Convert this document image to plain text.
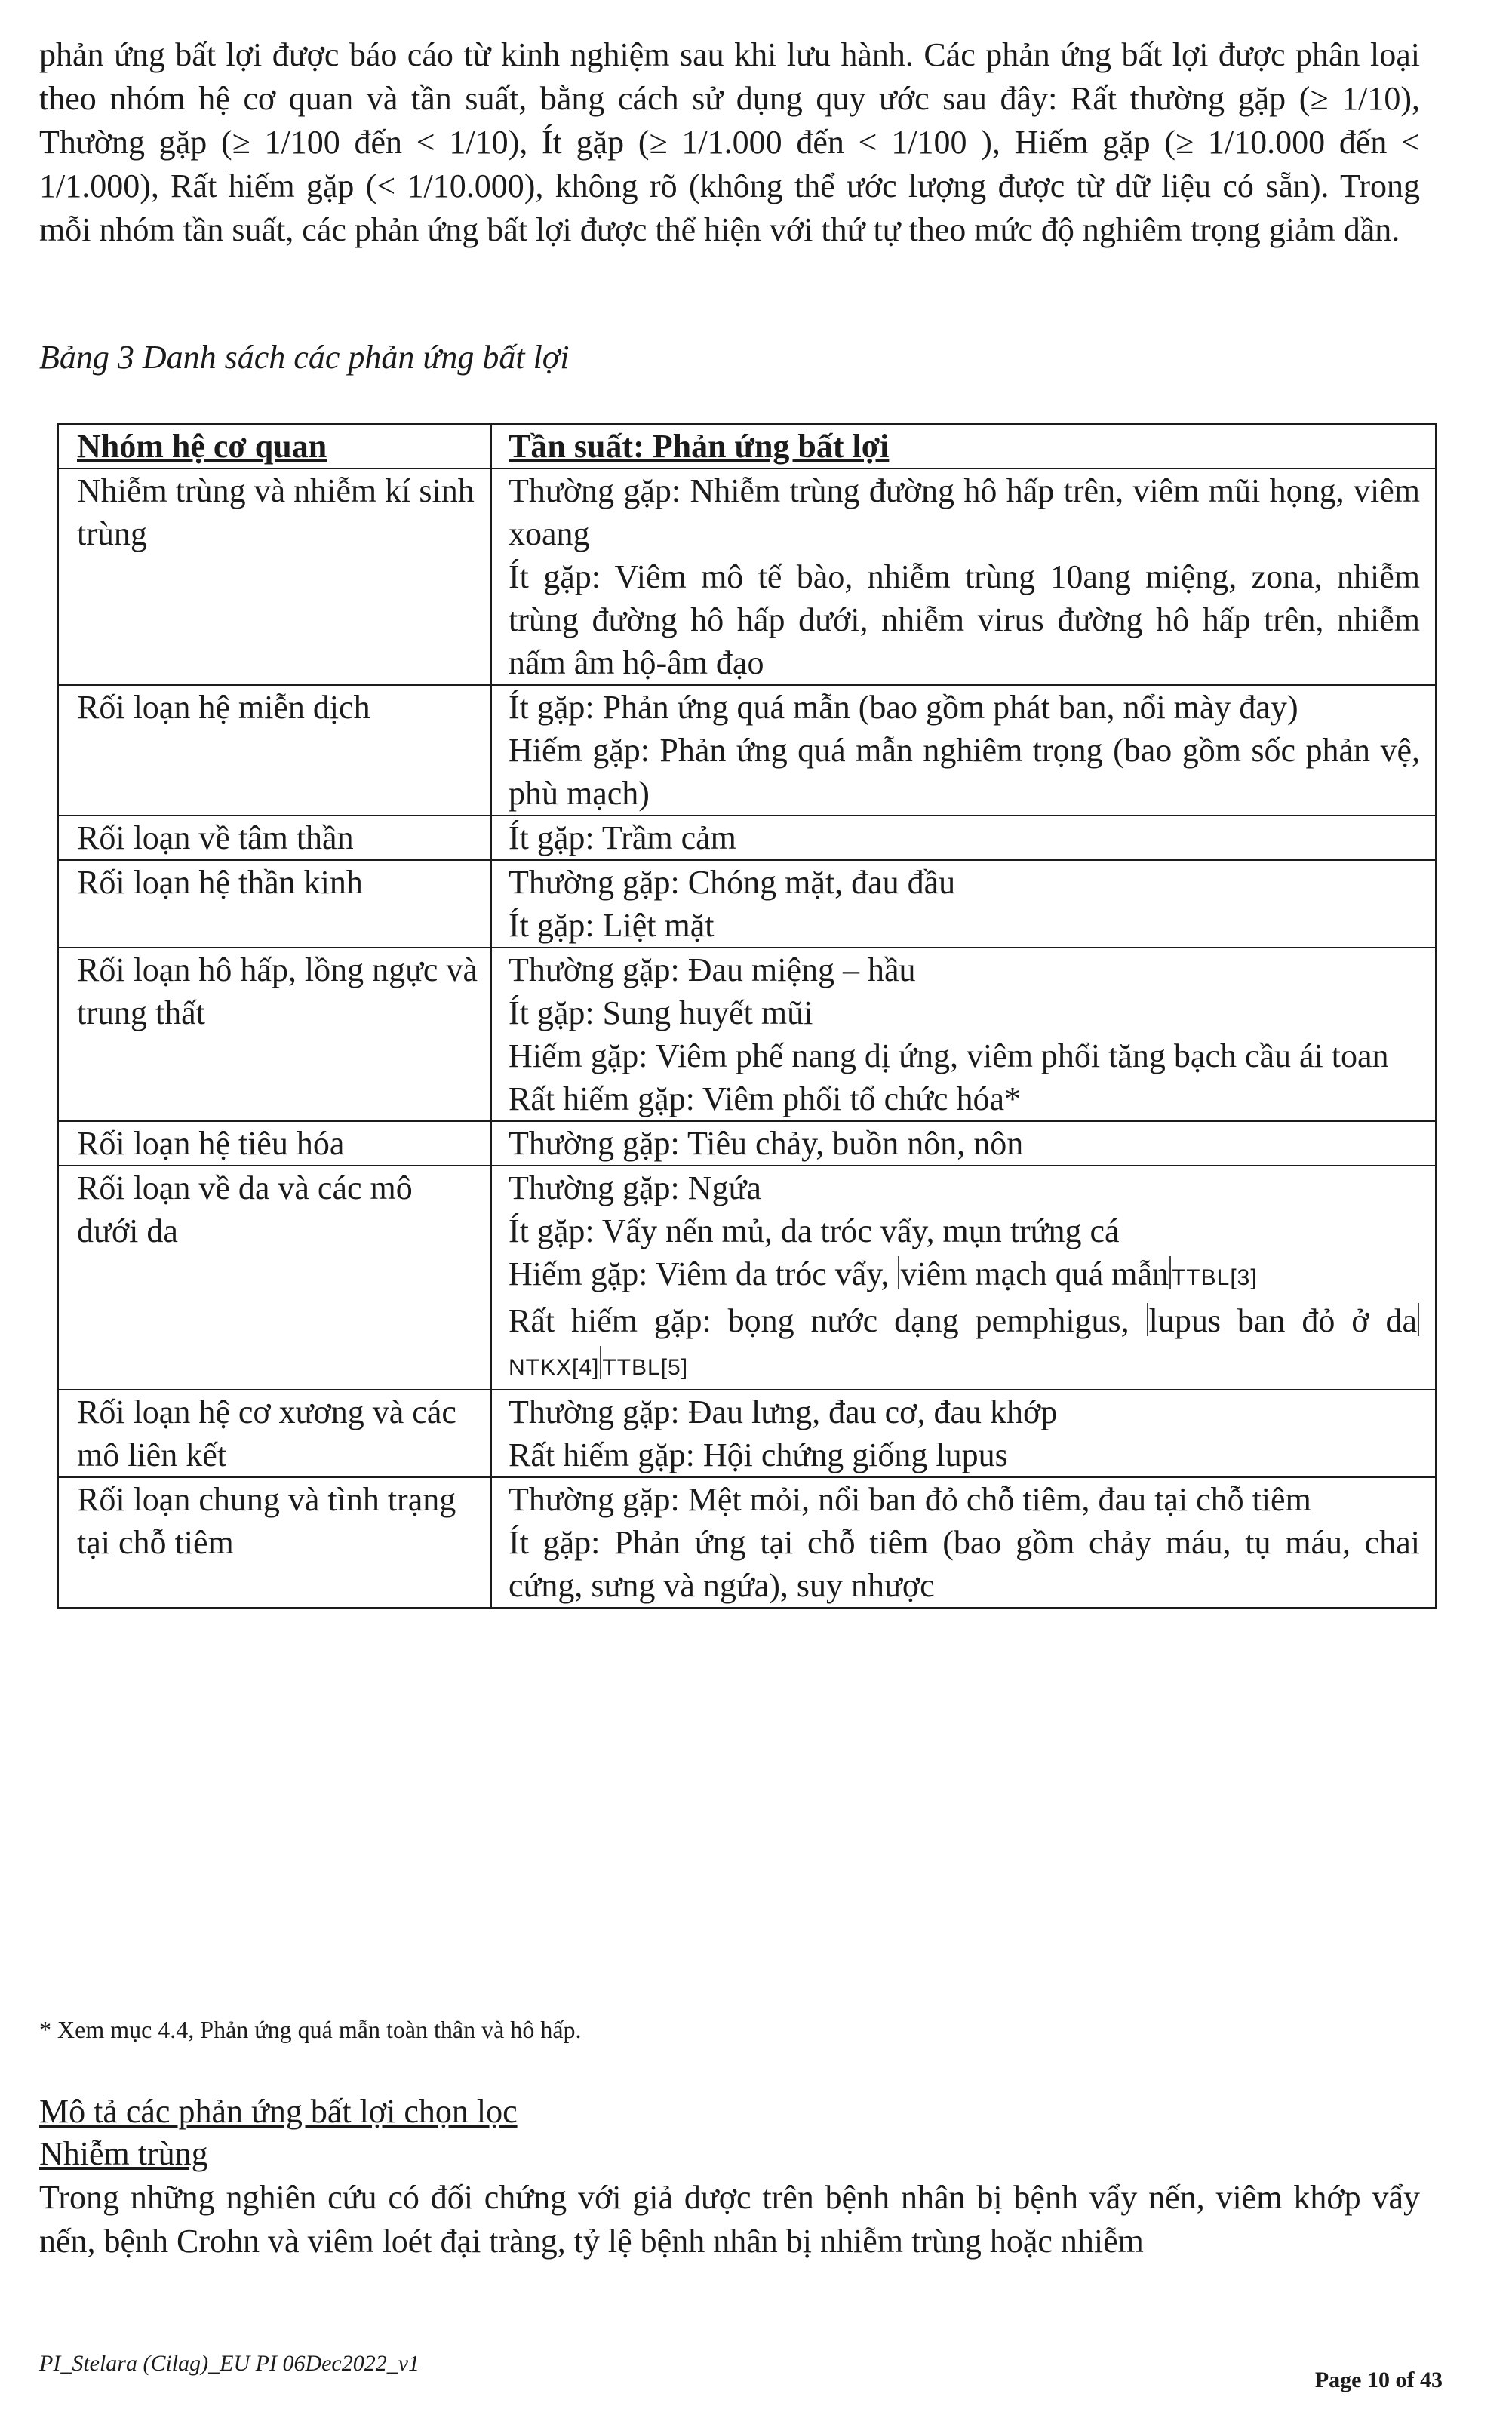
phản ứng bất lợi được báo cáo từ kinh nghiệm sau khi lưu hành. Các phản ứng bất lợi được phân loại theo nhóm hệ cơ quan và tần suất, bằng cách sử dụng quy ước sau đây: Rất thường gặp (≥ 1/10), Thường gặp (≥ 1/100 đến < 1/10), Ít gặp (≥ 1/1.000 đến < 1/100 ), Hiếm gặp (≥ 1/10.000 đến < 1/1.000), Rất hiếm gặp (< 1/10.000), không rõ (không thể ước lượng được từ dữ liệu có sẵn). Trong mỗi nhóm tần suất, các phản ứng bất lợi được thể hiện với thứ tự theo mức độ nghiêm trọng giảm dần.

Bảng 3 Danh sách các phản ứng bất lợi

Nhóm hệ cơ quan	Tần suất: Phản ứng bất lợi
Nhiễm trùng và nhiễm kí sinh trùng	Thường gặp: Nhiễm trùng đường hô hấp trên, viêm mũi họng, viêm xoang
Ít gặp: Viêm mô tế bào, nhiễm trùng 10ang miệng, zona, nhiễm trùng đường hô hấp dưới, nhiễm virus đường hô hấp trên, nhiễm nấm âm hộ-âm đạo

Rối loạn hệ miễn dịch	Ít gặp: Phản ứng quá mẫn (bao gồm phát ban, nổi mày đay)
Hiếm gặp: Phản ứng quá mẫn nghiêm trọng (bao gồm sốc phản vệ, phù mạch)

Rối loạn về tâm thần	Ít gặp: Trầm cảm

Rối loạn hệ thần kinh	Thường gặp: Chóng mặt, đau đầu
Ít gặp: Liệt mặt

Rối loạn hô hấp, lồng ngực và trung thất	Thường gặp: Đau miệng – hầu
Ít gặp: Sung huyết mũi
Hiếm gặp: Viêm phế nang dị ứng, viêm phổi tăng bạch cầu ái toan
Rất hiếm gặp: Viêm phổi tổ chức hóa*

Rối loạn hệ tiêu hóa	Thường gặp: Tiêu chảy, buồn nôn, nôn

Rối loạn về da và các mô dưới da	Thường gặp: Ngứa
Ít gặp: Vẩy nến mủ, da tróc vẩy, mụn trứng cá
Hiếm gặp: Viêm da tróc vẩy, viêm mạch quá mẫn TTBL[3]
Rất hiếm gặp: bọng nước dạng pemphigus, lupus ban đỏ ở daNTKX[4] TTBL[5]

Rối loạn hệ cơ xương và các mô liên kết	Thường gặp: Đau lưng, đau cơ, đau khớp
Rất hiếm gặp: Hội chứng giống lupus

Rối loạn chung và tình trạng tại chỗ tiêm	Thường gặp: Mệt mỏi, nổi ban đỏ chỗ tiêm, đau tại chỗ tiêm
Ít gặp: Phản ứng tại chỗ tiêm (bao gồm chảy máu, tụ máu, chai cứng, sưng và ngứa), suy nhược

* Xem mục 4.4, Phản ứng quá mẫn toàn thân và hô hấp.

Mô tả các phản ứng bất lợi chọn lọc

Nhiễm trùng

Trong những nghiên cứu có đối chứng với giả dược trên bệnh nhân bị bệnh vẩy nến, viêm khớp vẩy nến, bệnh Crohn và viêm loét đại tràng, tỷ lệ bệnh nhân bị nhiễm trùng hoặc nhiễm

PI_Stelara (Cilag)_EU PI 06Dec2022_v1

Page 10 of 43
